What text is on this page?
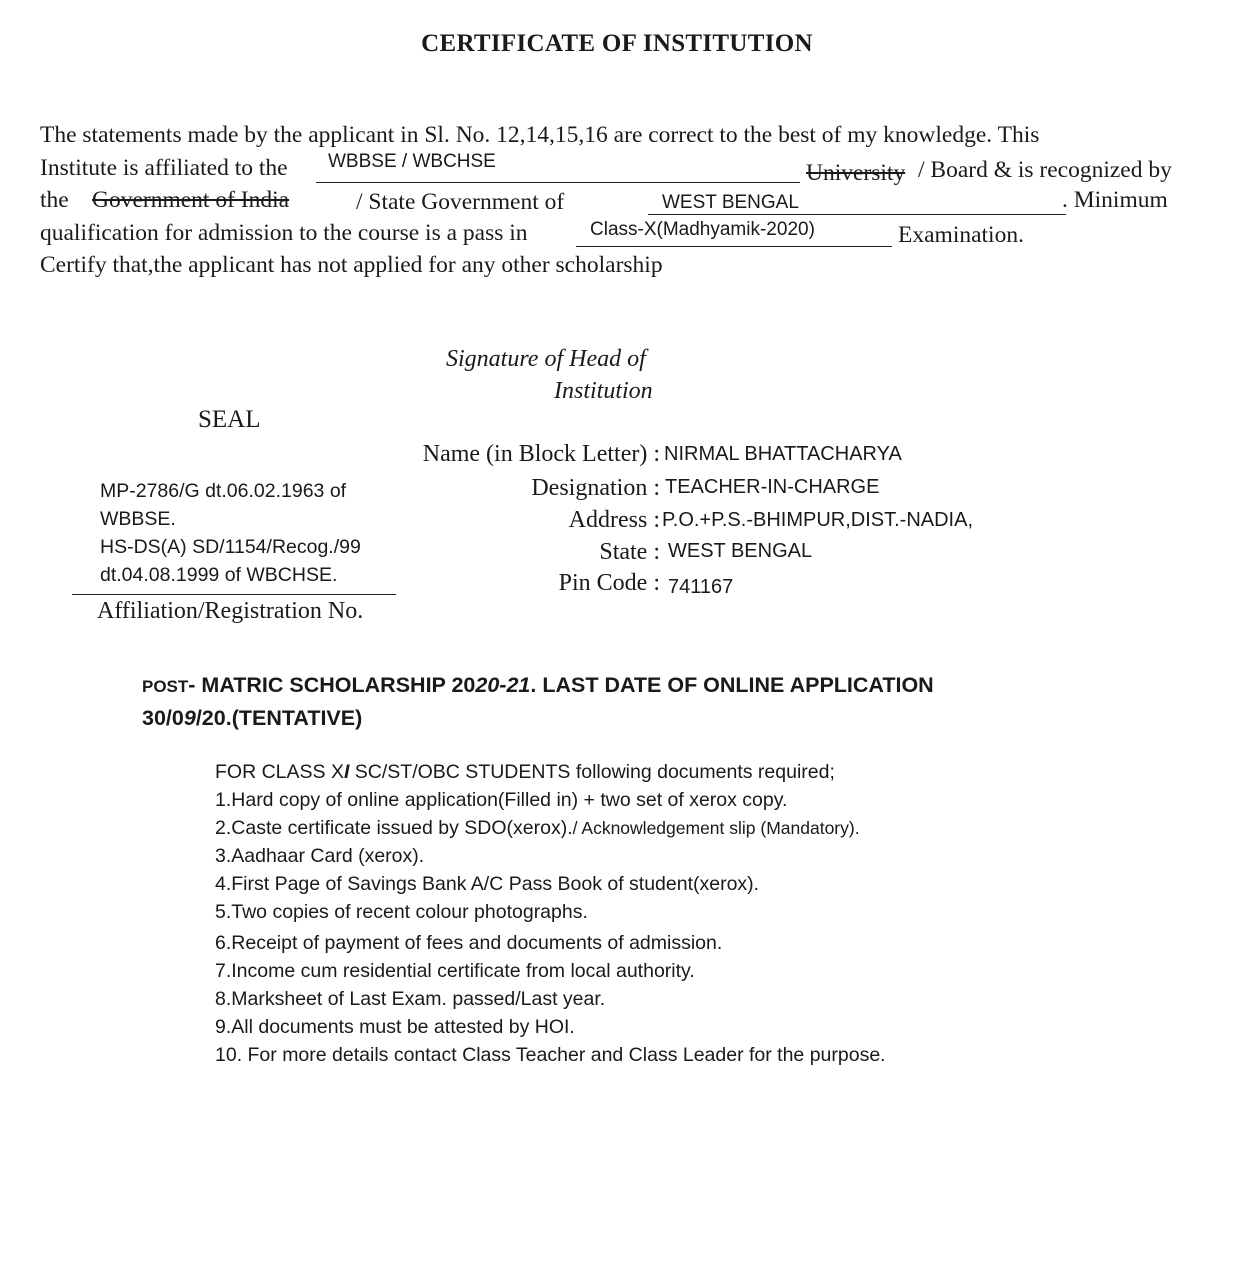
CERTIFICATE OF INSTITUTION
The statements made by the applicant in Sl. No. 12,14,15,16 are correct to the best of my knowledge. This
Institute is affiliated to the WBBSE / WBCHSE	University / Board & is recognized by
the Government of India	/ State Government of	WEST BENGAL	. Minimum
qualification for admission to the course is a pass in	Class-X(Madhyamik-2020)	Examination.
Certify that,the applicant has not applied for any other scholarship
Signature of Head of
Institution
SEAL
Name (in Block Letter) : NIRMAL BHATTACHARYA
Designation : TEACHER-IN-CHARGE
Address : P.O.+P.S.-BHIMPUR,DIST.-NADIA,
State : WEST BENGAL
Pin Code : 741167
MP-2786/G dt.06.02.1963 of
WBBSE.
HS-DS(A) SD/1154/Recog./99
dt.04.08.1999 of WBCHSE.
Affiliation/Registration No.
POST- MATRIC SCHOLARSHIP 2020-21. LAST DATE OF ONLINE APPLICATION
30/09/20.(TENTATIVE)
FOR CLASS XI SC/ST/OBC STUDENTS following documents required;
1.Hard copy of online application(Filled in) + two set of xerox copy.
2.Caste certificate issued by SDO(xerox)./ Acknowledgement slip (Mandatory).
3.Aadhaar Card (xerox).
4.First Page of Savings Bank A/C Pass Book of student(xerox).
5.Two copies of recent colour photographs.
6.Receipt of payment of fees and documents of admission.
7.Income cum residential certificate from local authority.
8.Marksheet of Last Exam. passed/Last year.
9.All documents must be attested by HOI.
10. For more details contact Class Teacher and Class Leader for the purpose.
